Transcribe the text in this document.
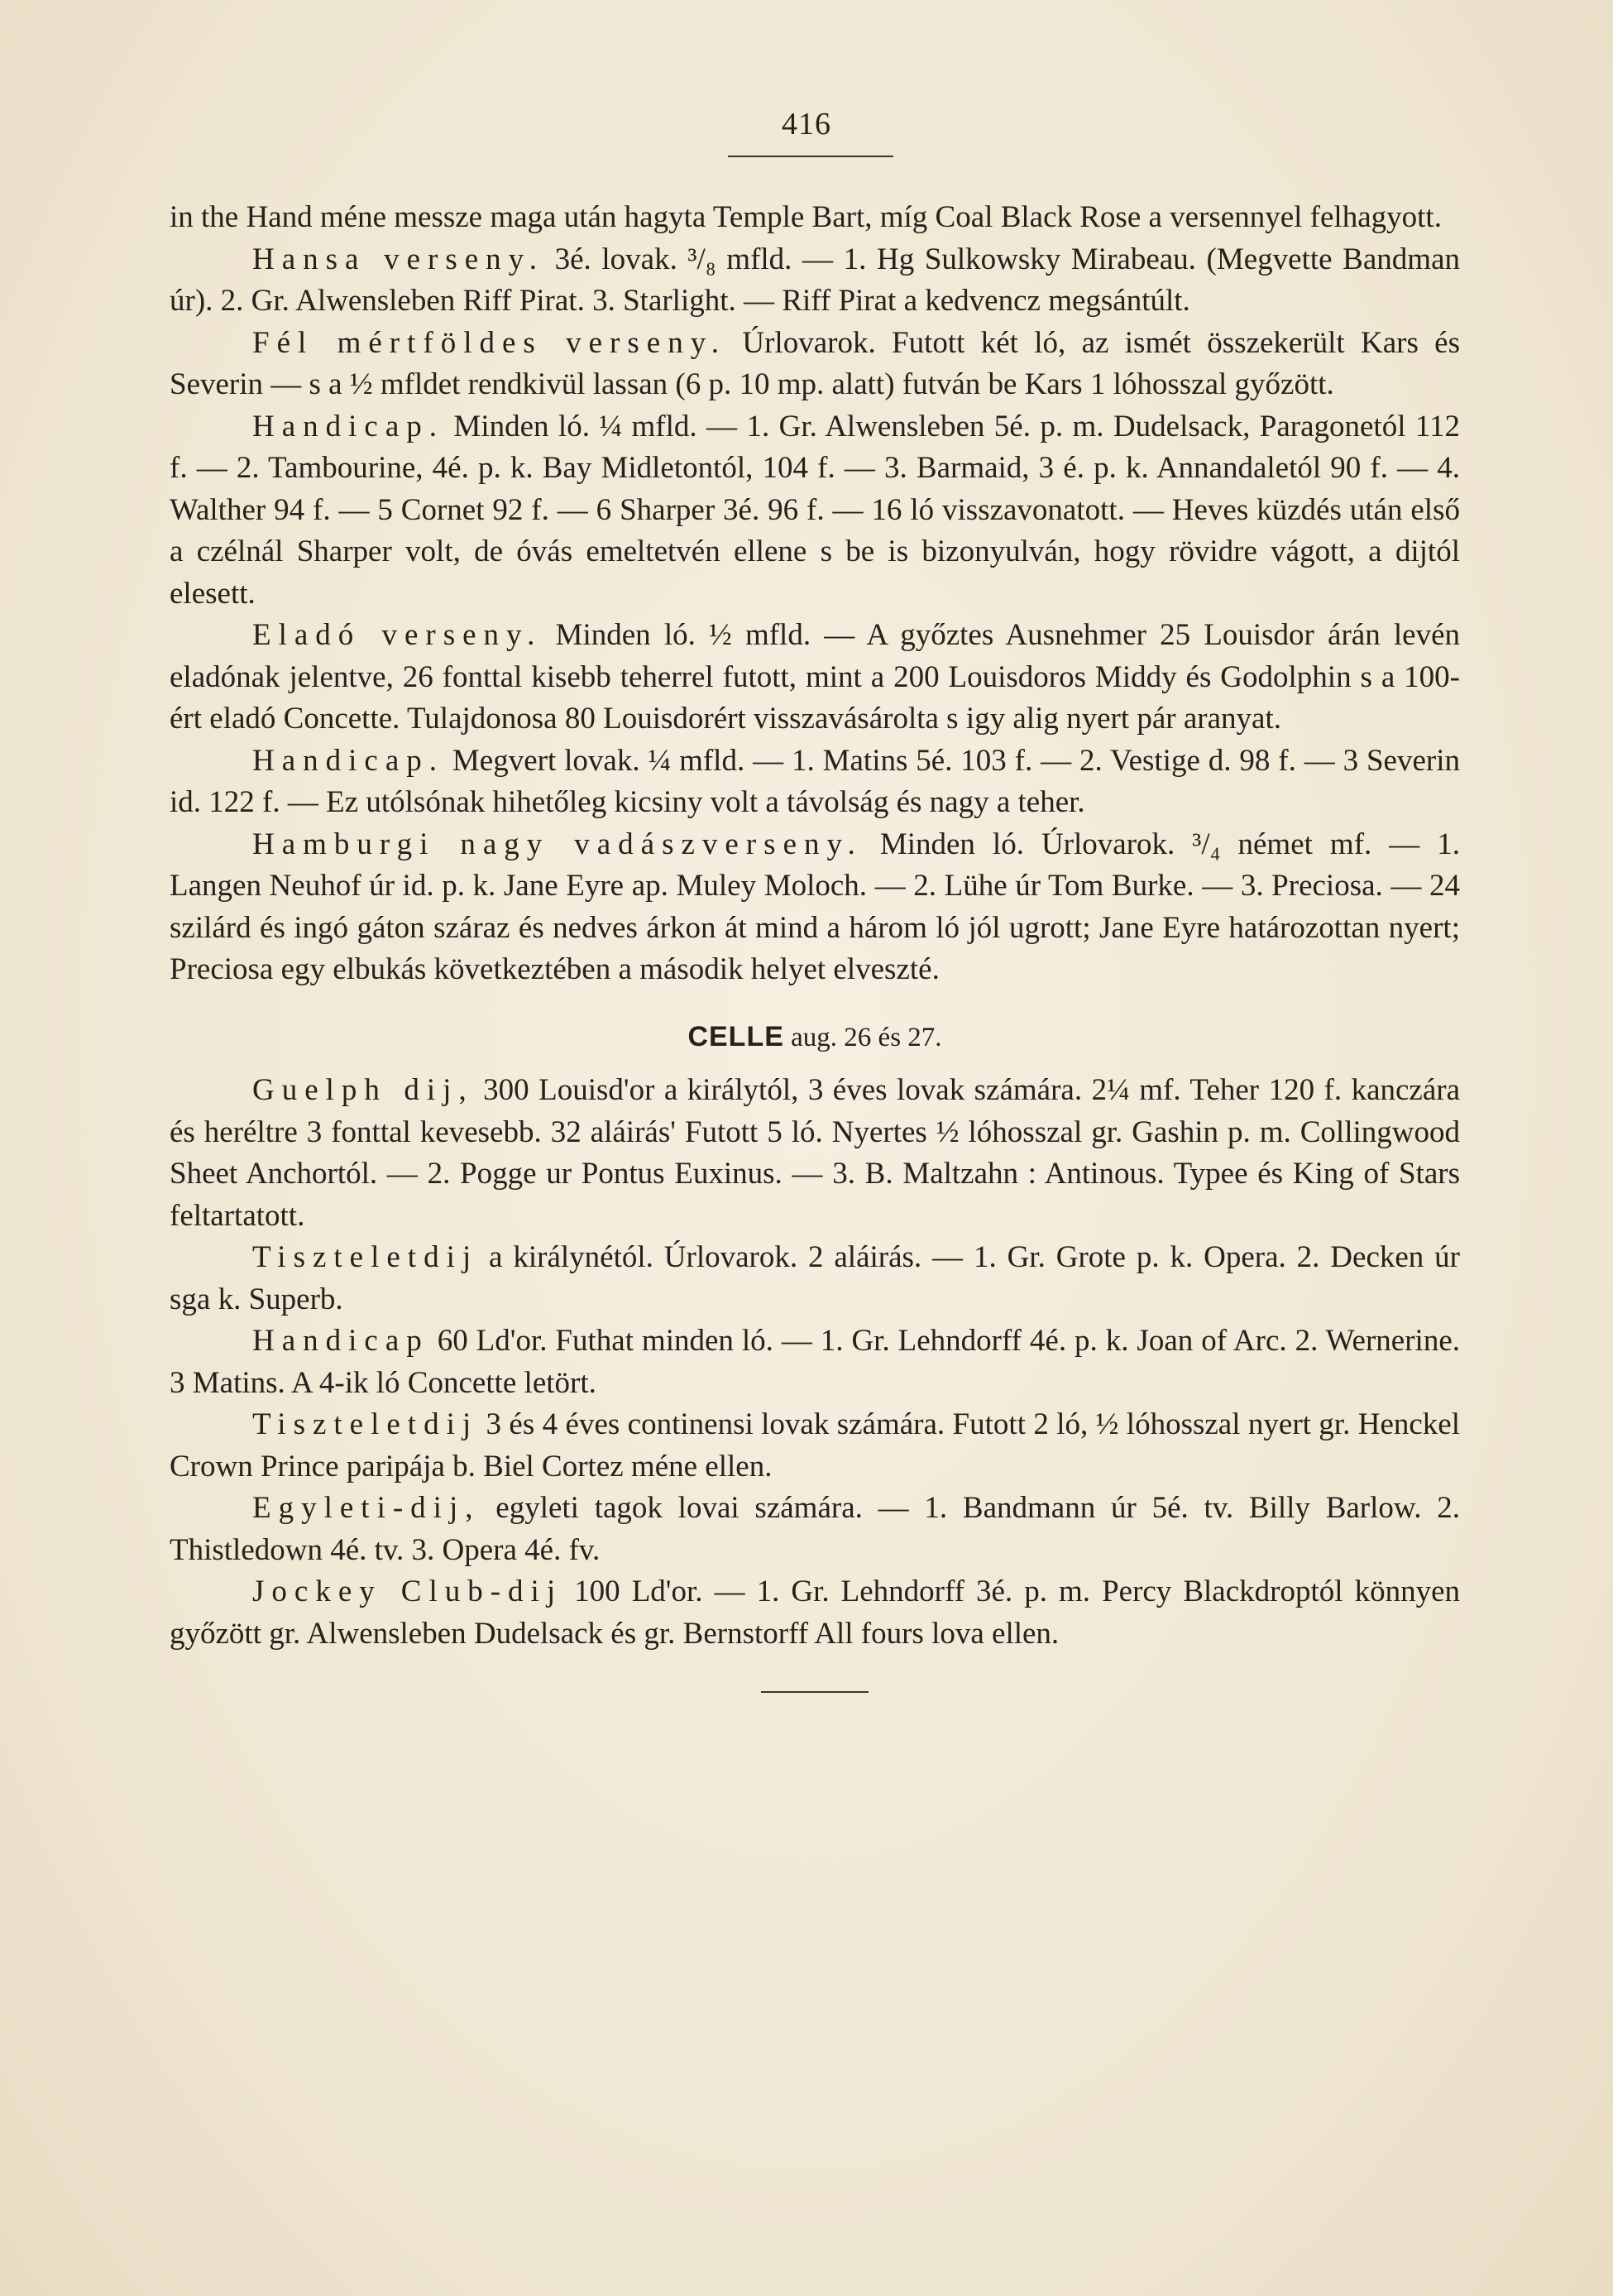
416

in the Hand méne messze maga után hagyta Temple Bart, míg Coal Black Rose a versennyel felhagyott.

Hansa verseny. 3é. lovak. ³/₈ mfld. — 1. Hg Sulkowsky Mirabeau. (Megvette Bandman úr). 2. Gr. Alwensleben Riff Pirat. 3. Starlight. — Riff Pirat a kedvencz megsántúlt.

Fél mértföldes verseny. Úrlovarok. Futott két ló, az ismét összekerült Kars és Severin — s a ½ mfldet rendkivül lassan (6 p. 10 mp. alatt) futván be Kars 1 lóhosszal győzött.

Handicap. Minden ló. ¼ mfld. — 1. Gr. Alwensleben 5é. p. m. Dudelsack, Paragonetól 112 f. — 2. Tambourine, 4é. p. k. Bay Midletontól, 104 f. — 3. Barmaid, 3 é. p. k. Annandaletól 90 f. — 4. Walther 94 f. — 5 Cornet 92 f. — 6 Sharper 3é. 96 f. — 16 ló visszavonatott. — Heves küzdés után első a czélnál Sharper volt, de óvás emeltetvén ellene s be is bizonyulván, hogy rövidre vágott, a dijtól elesett.

Eladó verseny. Minden ló. ½ mfld. — A győztes Ausnehmer 25 Louisdor árán levén eladónak jelentve, 26 fonttal kisebb teherrel futott, mint a 200 Louisdoros Middy és Godolphin s a 100-ért eladó Concette. Tulajdonosa 80 Louisdorért visszavásárolta s igy alig nyert pár aranyat.

Handicap. Megvert lovak. ¼ mfld. — 1. Matins 5é. 103 f. — 2. Vestige d. 98 f. — 3 Severin id. 122 f. — Ez utólsónak hihetőleg kicsiny volt a távolság és nagy a teher.

Hamburgi nagy vadászverseny. Minden ló. Úrlovarok. ³/₄ német mf. — 1. Langen Neuhof úr id. p. k. Jane Eyre ap. Muley Moloch. — 2. Lühe úr Tom Burke. — 3. Preciosa. — 24 szilárd és ingó gáton száraz és nedves árkon át mind a három ló jól ugrott; Jane Eyre határozottan nyert; Preciosa egy elbukás következtében a második helyet elveszté.

CELLE aug. 26 és 27.

Guelph dij, 300 Louisd'or a királytól, 3 éves lovak számára. 2¼ mf. Teher 120 f. kanczára és heréltre 3 fonttal kevesebb. 32 aláirás' Futott 5 ló. Nyertes ½ lóhosszal gr. Gashin p. m. Collingwood Sheet Anchortól. — 2. Pogge ur Pontus Euxinus. — 3. B. Maltzahn : Antinous. Typee és King of Stars feltartatott.

Tiszteletdij a királynétól. Úrlovarok. 2 aláirás. — 1. Gr. Grote p. k. Opera. 2. Decken úr sga k. Superb.

Handicap 60 Ld'or. Futhat minden ló. — 1. Gr. Lehndorff 4é. p. k. Joan of Arc. 2. Wernerine. 3 Matins. A 4-ik ló Concette letört.

Tiszteletdij 3 és 4 éves continensi lovak számára. Futott 2 ló, ½ lóhosszal nyert gr. Henckel Crown Prince paripája b. Biel Cortez méne ellen.

Egyleti-dij, egyleti tagok lovai számára. — 1. Bandmann úr 5é. tv. Billy Barlow. 2. Thistledown 4é. tv. 3. Opera 4é. fv.

Jockey Club-dij 100 Ld'or. — 1. Gr. Lehndorff 3é. p. m. Percy Blackdroptól könnyen győzött gr. Alwensleben Dudelsack és gr. Bernstorff All fours lova ellen.
